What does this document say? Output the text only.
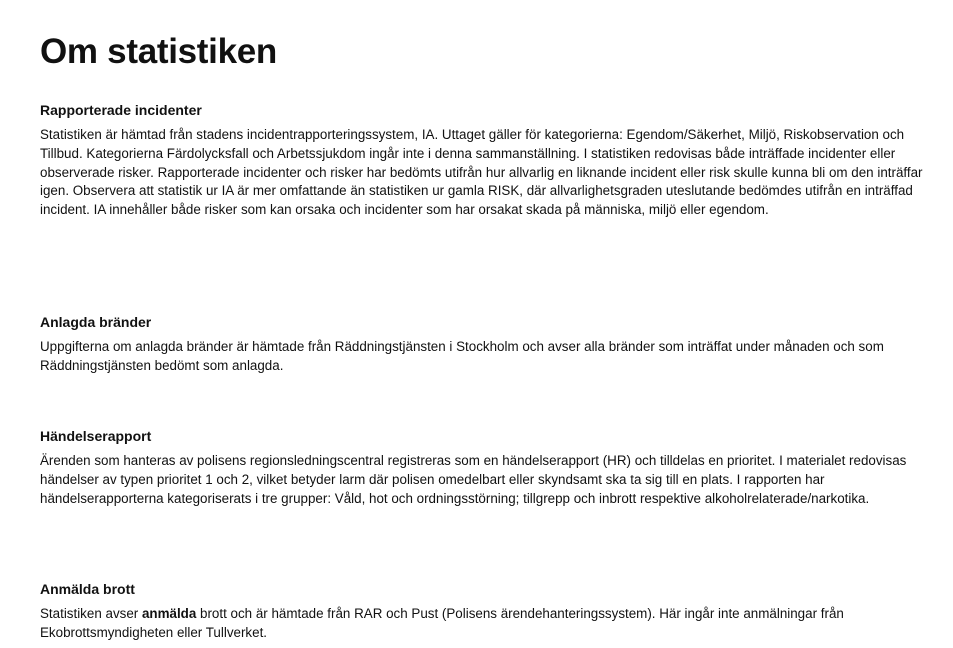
Om statistiken
Rapporterade incidenter

Statistiken är hämtad från stadens incidentrapporteringssystem, IA. Uttaget gäller för kategorierna: Egendom/Säkerhet, Miljö, Riskobservation och Tillbud. Kategorierna Färdolycksfall och Arbetssjukdom ingår inte i denna sammanställning. I statistiken redovisas både inträffade incidenter eller observerade risker. Rapporterade incidenter och risker har bedömts utifrån hur allvarlig en liknande incident eller risk skulle kunna bli om den inträffar igen. Observera att statistik ur IA är mer omfattande än statistiken ur gamla RISK, där allvarlighetsgraden uteslutande bedömdes utifrån en inträffad incident. IA innehåller både risker som kan orsaka och incidenter som har orsakat skada på människa, miljö eller egendom.

Anlagda bränder

Uppgifterna om anlagda bränder är hämtade från Räddningstjänsten i Stockholm och avser alla bränder som inträffat under månaden och som Räddningstjänsten bedömt som anlagda.

Händelserapport

Ärenden som hanteras av polisens regionsledningscentral registreras som en händelserapport (HR) och tilldelas en prioritet. I materialet redovisas händelser av typen prioritet 1 och 2, vilket betyder larm där polisen omedelbart eller skyndsamt ska ta sig till en plats. I rapporten har händelserapporterna kategoriserats i tre grupper: Våld, hot och ordningsstörning; tillgrepp och inbrott respektive alkoholrelaterade/narkotika.

Anmälda brott

Statistiken avser anmälda brott och är hämtade från RAR och Pust (Polisens ärendehanteringssystem). Här ingår inte anmälningar från Ekobrottsmyndigheten eller Tullverket.
